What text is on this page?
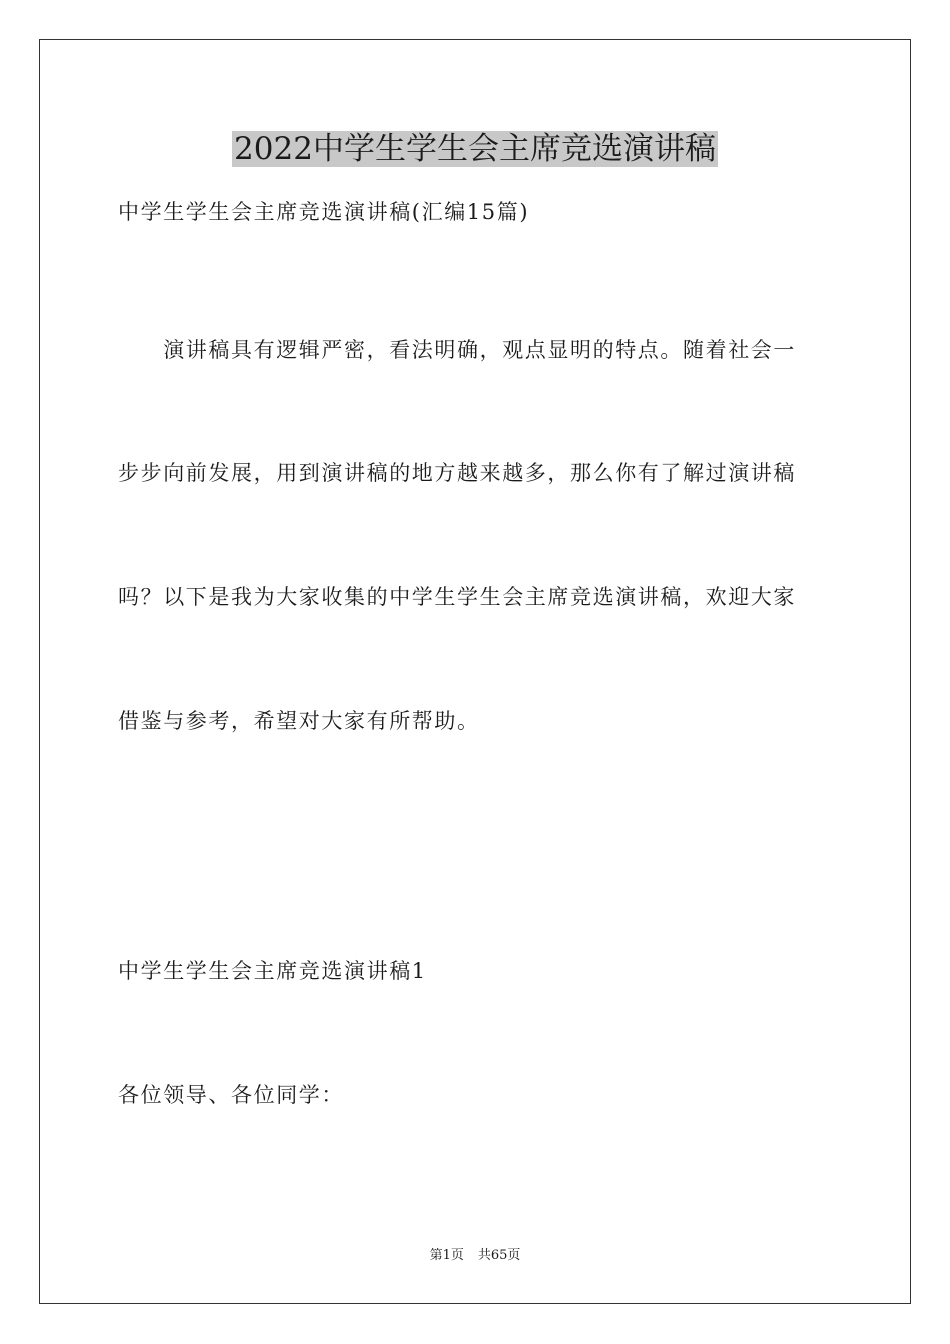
2022中学生学生会主席竞选演讲稿
中学生学生会主席竞选演讲稿(汇编15篇)
　　演讲稿具有逻辑严密，看法明确，观点显明的特点。随着社会一
步步向前发展，用到演讲稿的地方越来越多，那么你有了解过演讲稿
吗？以下是我为大家收集的中学生学生会主席竞选演讲稿，欢迎大家
借鉴与参考，希望对大家有所帮助。
中学生学生会主席竞选演讲稿1
各位领导、各位同学：
第1页 共65页
